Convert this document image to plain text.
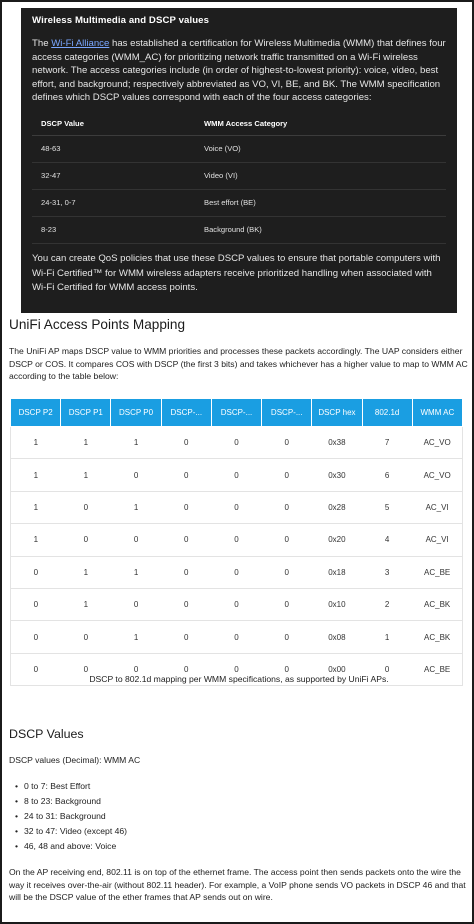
Wireless Multimedia and DSCP values

The Wi-Fi Alliance has established a certification for Wireless Multimedia (WMM) that defines four access categories (WMM_AC) for prioritizing network traffic transmitted on a Wi-Fi wireless network. The access categories include (in order of highest-to-lowest priority): voice, video, best effort, and background; respectively abbreviated as VO, VI, BE, and BK. The WMM specification defines which DSCP values correspond with each of the four access categories:

DSCP Value	WMM Access Category
48-63	Voice (VO)
32-47	Video (VI)
24-31, 0-7	Best effort (BE)
8-23	Background (BK)

You can create QoS policies that use these DSCP values to ensure that portable computers with Wi-Fi Certified™ for WMM wireless adapters receive prioritized handling when associated with Wi-Fi Certified for WMM access points.

UniFi Access Points Mapping

The UniFi AP maps DSCP value to WMM priorities and processes these packets accordingly. The UAP considers either DSCP or COS. It compares COS with DSCP (the first 3 bits) and takes whichever has a higher value to map to WMM AC according to the table below:

DSCP P2	DSCP P1	DSCP P0	DSCP-...	DSCP-...	DSCP-...	DSCP hex	802.1d	WMM AC
1	1	1	0	0	0	0x38	7	AC_VO
1	1	0	0	0	0	0x30	6	AC_VO
1	0	1	0	0	0	0x28	5	AC_VI
1	0	0	0	0	0	0x20	4	AC_VI
0	1	1	0	0	0	0x18	3	AC_BE
0	1	0	0	0	0	0x10	2	AC_BK
0	0	1	0	0	0	0x08	1	AC_BK
0	0	0	0	0	0	0x00	0	AC_BE
DSCP to 802.1d mapping per WMM specifications, as supported by UniFi APs.
DSCP Values

DSCP values (Decimal): WMM AC

• 0 to 7: Best Effort
• 8 to 23: Background
• 24 to 31: Background
• 32 to 47: Video (except 46)
• 46, 48 and above: Voice

On the AP receiving end, 802.11 is on top of the ethernet frame. The access point then sends packets onto the wire the way it receives over-the-air (without 802.11 header). For example, a VoIP phone sends VO packets in DSCP 46 and that will be the DSCP value of the ether frames that AP sends out on wire.
